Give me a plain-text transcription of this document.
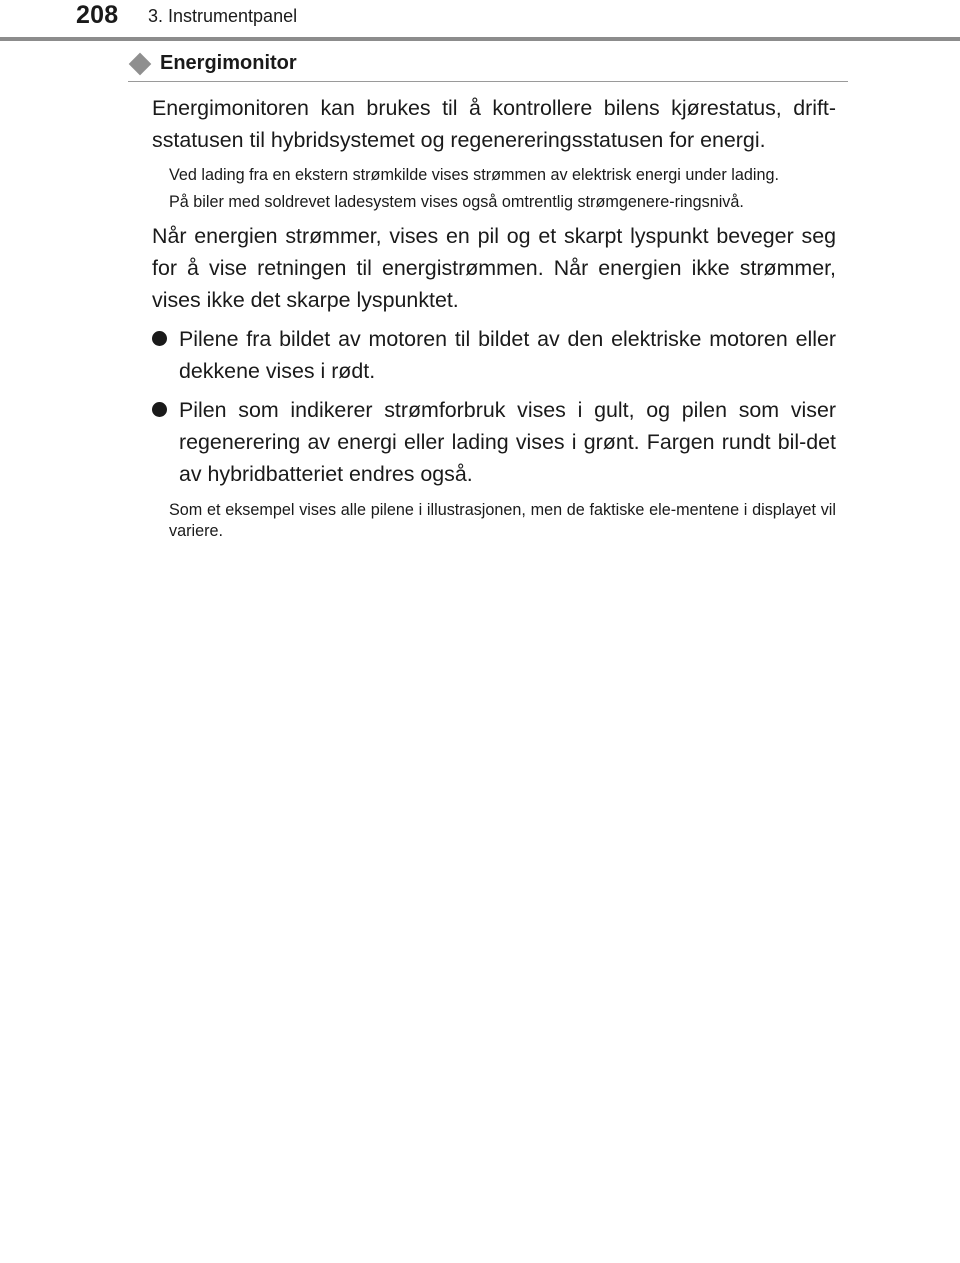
208 3. Instrumentpanel
Energimonitor

Energimonitoren kan brukes til å kontrollere bilens kjørestatus, drift-sstatusen til hybridsystemet og regenereringsstatusen for energi.

Ved lading fra en ekstern strømkilde vises strømmen av elektrisk energi under lading.

På biler med soldrevet ladesystem vises også omtrentlig strømgenere-ringsnivå.

Når energien strømmer, vises en pil og et skarpt lyspunkt beveger seg for å vise retningen til energistrømmen. Når energien ikke strømmer, vises ikke det skarpe lyspunktet.

Pilene fra bildet av motoren til bildet av den elektriske motoren eller dekkene vises i rødt.
Pilen som indikerer strømforbruk vises i gult, og pilen som viser regenerering av energi eller lading vises i grønt. Fargen rundt bil-det av hybridbatteriet endres også.

Som et eksempel vises alle pilene i illustrasjonen, men de faktiske ele-mentene i displayet vil variere.
